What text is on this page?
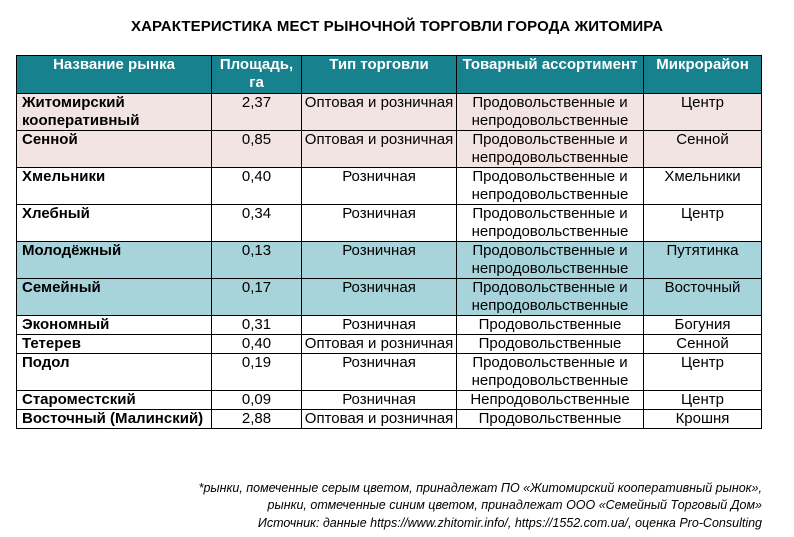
ХАРАКТЕРИСТИКА МЕСТ РЫНОЧНОЙ ТОРГОВЛИ ГОРОДА ЖИТОМИРА
Название рынка	Площадь, га	Тип торговли	Товарный ассортимент	Микрорайон
Житомирский кооперативный	2,37	Оптовая и розничная	Продовольственные и непродовольственные	Центр
Сенной	0,85	Оптовая и розничная	Продовольственные и непродовольственные	Сенной
Хмельники	0,40	Розничная	Продовольственные и непродовольственные	Хмельники
Хлебный	0,34	Розничная	Продовольственные и непродовольственные	Центр
Молодёжный	0,13	Розничная	Продовольственные и непродовольственные	Путятинка
Семейный	0,17	Розничная	Продовольственные и непродовольственные	Восточный
Экономный	0,31	Розничная	Продовольственные	Богуния
Тетерев	0,40	Оптовая и розничная	Продовольственные	Сенной
Подол	0,19	Розничная	Продовольственные и непродовольственные	Центр
Староместский	0,09	Розничная	Непродовольственные	Центр
Восточный (Малинский)	2,88	Оптовая и розничная	Продовольственные	Крошня
*рынки, помеченные серым цветом, принадлежат ПО «Житомирский кооперативный рынок»,
рынки, отмеченные синим цветом, принадлежат ООО «Семейный Торговый Дом»
Источник: данные https://www.zhitomir.info/, https://1552.com.ua/, оценка Pro-Consulting
